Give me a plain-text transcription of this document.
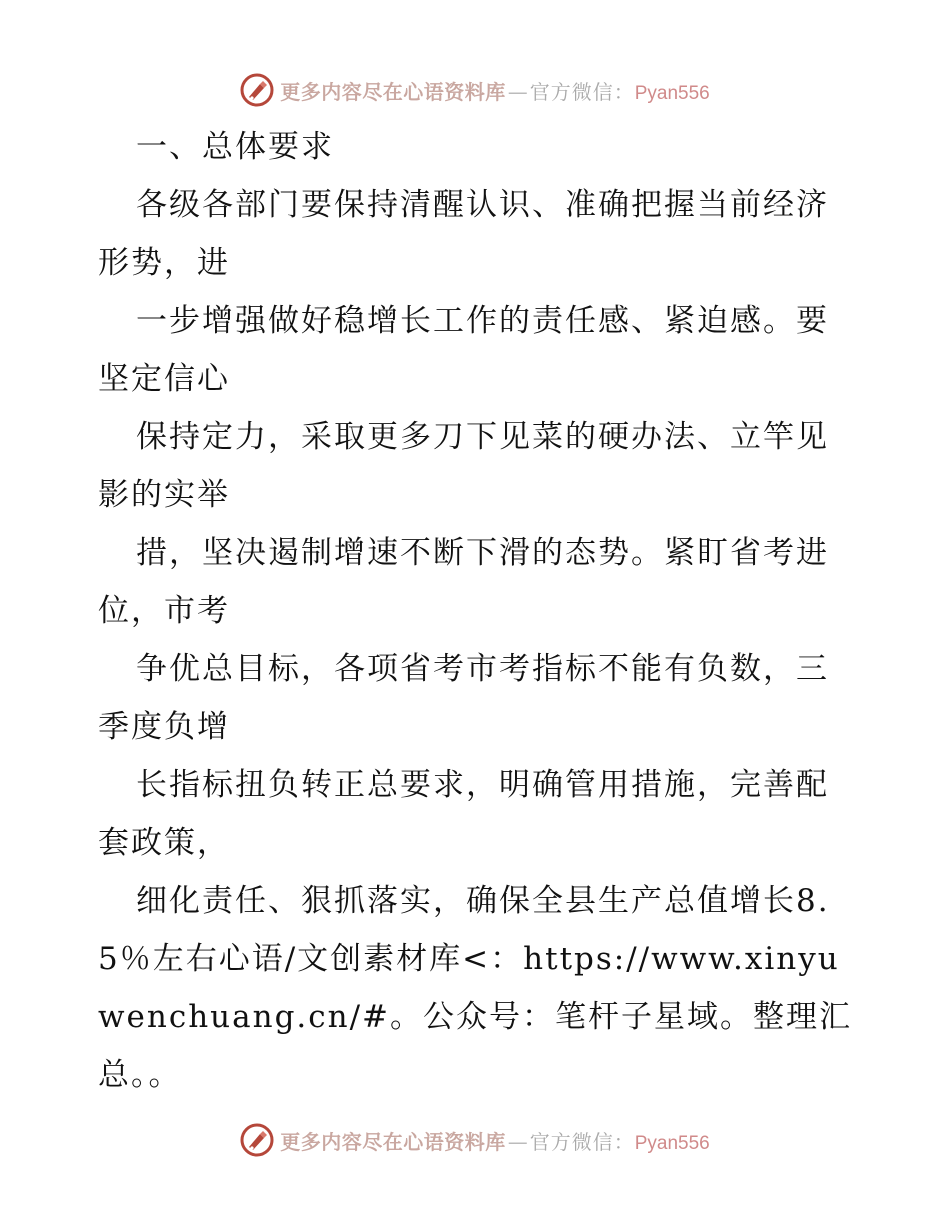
更多内容尽在心语资料库 — 官方微信： Pyan556

一、总体要求

各级各部门要保持清醒认识、准确把握当前经济形势，进

一步增强做好稳增长工作的责任感、紧迫感。要坚定信心

保持定力，采取更多刀下见菜的硬办法、立竿见影的实举

措，坚决遏制增速不断下滑的态势。紧盯省考进位，市考

争优总目标，各项省考市考指标不能有负数，三季度负增

长指标扭负转正总要求，明确管用措施，完善配套政策，

细化责任、狠抓落实，确保全县生产总值增长8.5％左右心语/文创素材库<：https://www.xinyuwenchuang.cn/#。公众号：笔杆子星域。整理汇总。。

更多内容尽在心语资料库 — 官方微信： Pyan556
